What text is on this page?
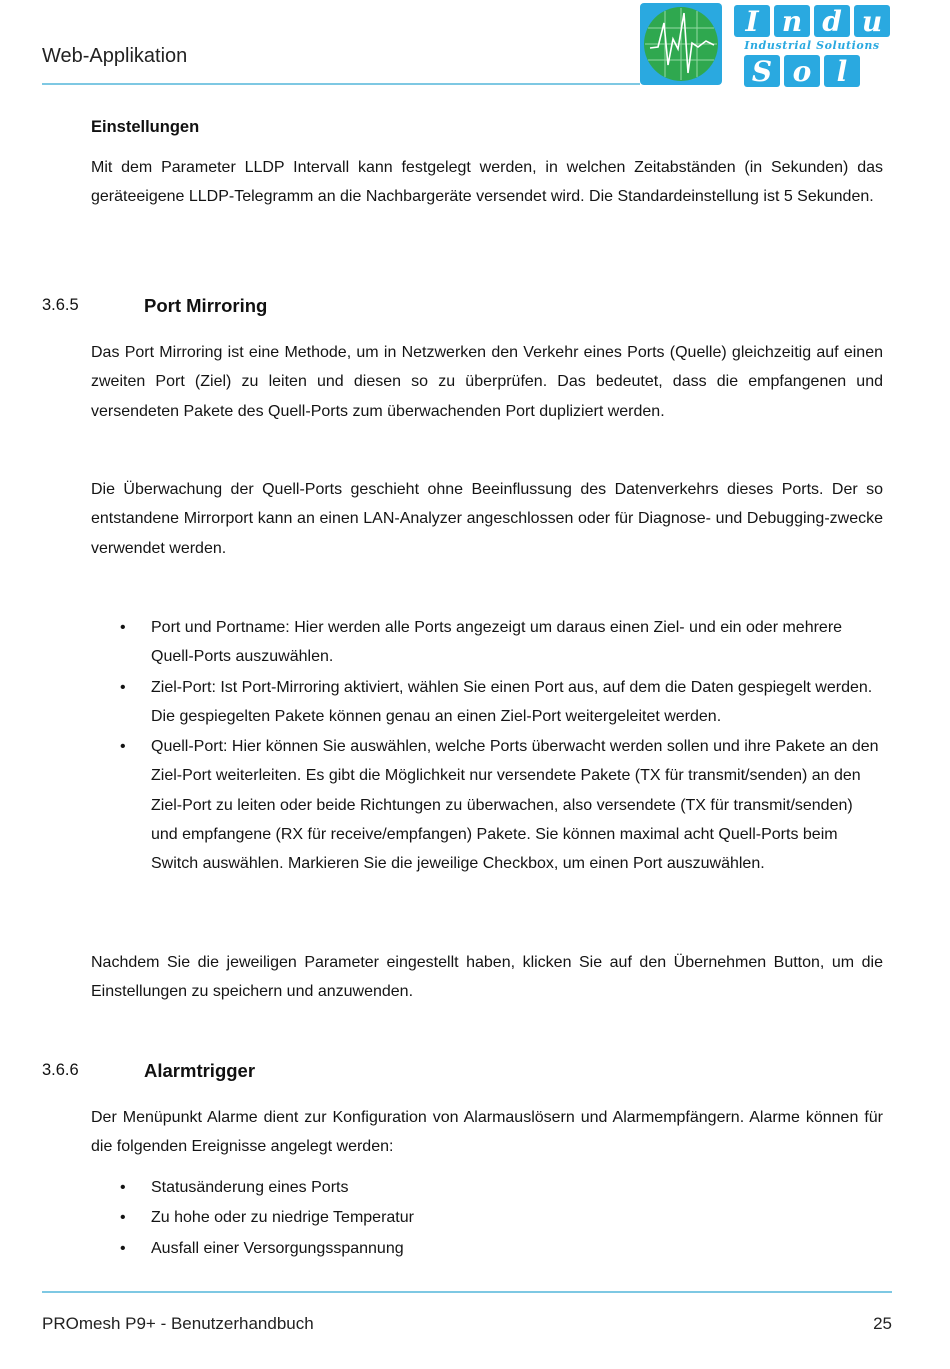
Web-Applikation
I n d u
Industrial Solutions
S o l
Einstellungen
Mit dem Parameter LLDP Intervall kann festgelegt werden, in welchen Zeitabständen (in Sekunden) das geräteeigene LLDP-Telegramm an die Nachbargeräte versendet wird. Die Standardeinstellung ist 5 Sekunden.
3.6.5	Port Mirroring
Das Port Mirroring ist eine Methode, um in Netzwerken den Verkehr eines Ports (Quelle) gleichzeitig auf einen zweiten Port (Ziel) zu leiten und diesen so zu überprüfen. Das bedeutet, dass die empfangenen und versendeten Pakete des Quell-Ports zum überwachenden Port dupliziert werden.
Die Überwachung der Quell-Ports geschieht ohne Beeinflussung des Datenverkehrs dieses Ports. Der so entstandene Mirrorport kann an einen LAN-Analyzer angeschlossen oder für Diagnose- und Debugging-zwecke verwendet werden.
• Port und Portname: Hier werden alle Ports angezeigt um daraus einen Ziel- und ein oder mehrere Quell-Ports auszuwählen.
• Ziel-Port: Ist Port-Mirroring aktiviert, wählen Sie einen Port aus, auf dem die Daten gespiegelt werden. Die gespiegelten Pakete können genau an einen Ziel-Port weitergeleitet werden.
• Quell-Port: Hier können Sie auswählen, welche Ports überwacht werden sollen und ihre Pakete an den Ziel-Port weiterleiten. Es gibt die Möglichkeit nur versendete Pakete (TX für transmit/senden) an den Ziel-Port zu leiten oder beide Richtungen zu überwachen, also versendete (TX für transmit/senden) und empfangene (RX für receive/empfangen) Pakete. Sie können maximal acht Quell-Ports beim Switch auswählen. Markieren Sie die jeweilige Checkbox, um einen Port auszuwählen.
Nachdem Sie die jeweiligen Parameter eingestellt haben, klicken Sie auf den Übernehmen Button, um die Einstellungen zu speichern und anzuwenden.
3.6.6	Alarmtrigger
Der Menüpunkt Alarme dient zur Konfiguration von Alarmauslösern und Alarmempfängern. Alarme können für die folgenden Ereignisse angelegt werden:
• Statusänderung eines Ports
• Zu hohe oder zu niedrige Temperatur
• Ausfall einer Versorgungsspannung
PROmesh P9+ - Benutzerhandbuch	25
